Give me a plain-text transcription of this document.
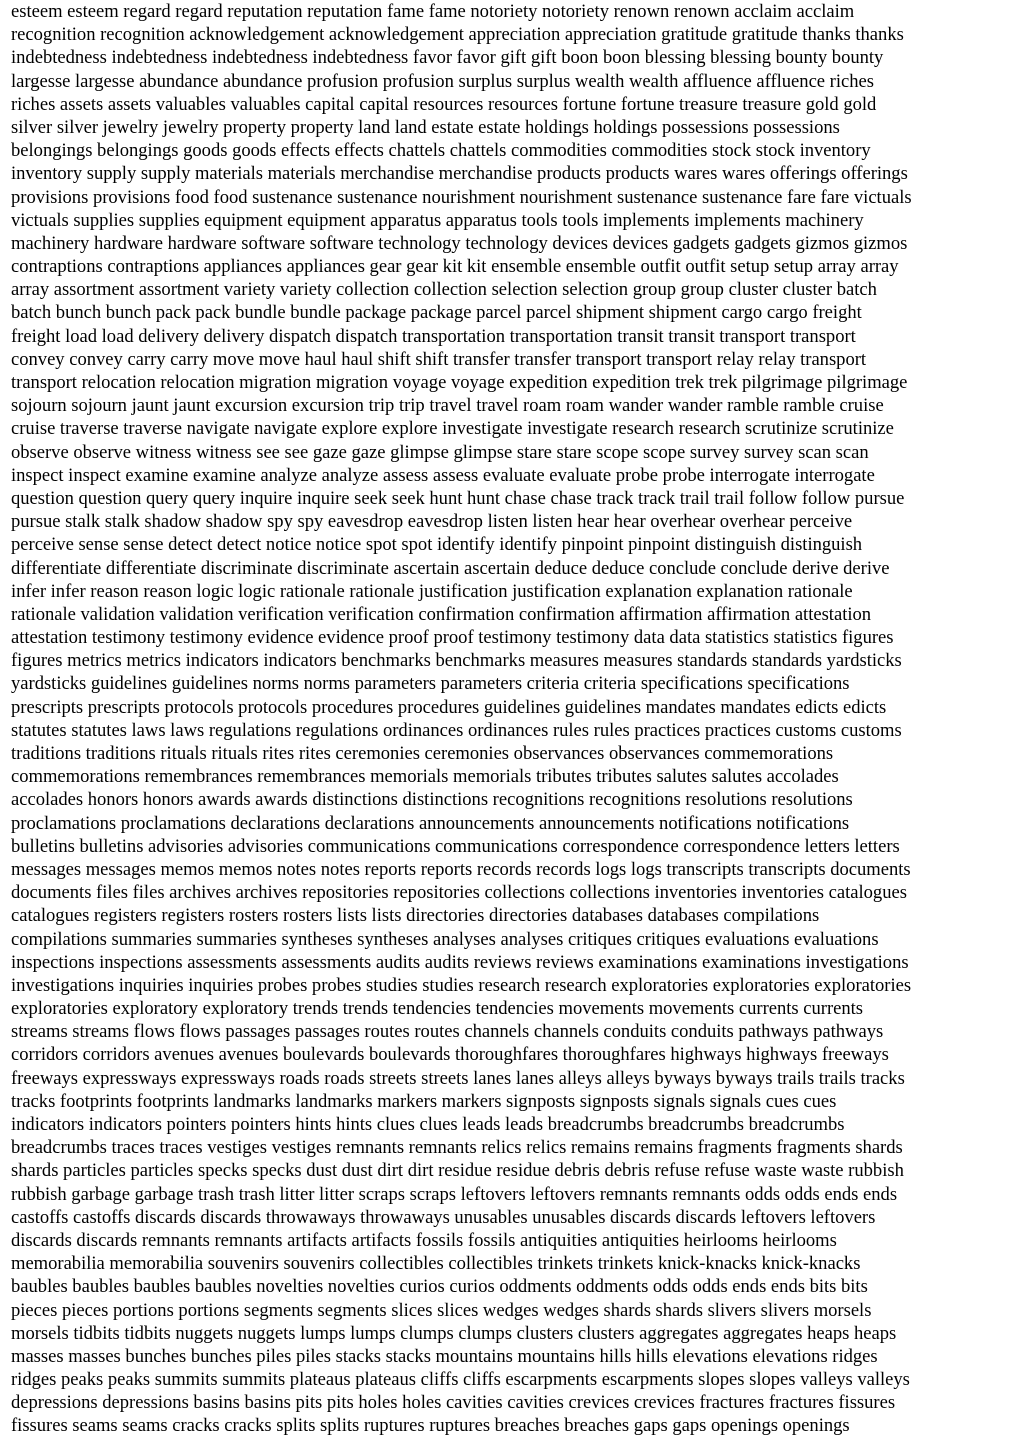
esteem esteem regard regard reputation reputation fame fame notoriety notoriety renown renown acclaim acclaim
recognition recognition acknowledgement acknowledgement appreciation appreciation gratitude gratitude thanks thanks
indebtedness indebtedness indebtedness indebtedness favor favor gift gift boon boon blessing blessing bounty bounty
largesse largesse abundance abundance profusion profusion surplus surplus wealth wealth affluence affluence riches
riches assets assets valuables valuables capital capital resources resources fortune fortune treasure treasure gold gold
silver silver jewelry jewelry property property land land estate estate holdings holdings possessions possessions
belongings belongings goods goods effects effects chattels chattels commodities commodities stock stock inventory
inventory supply supply materials materials merchandise merchandise products products wares wares offerings offerings
provisions provisions food food sustenance sustenance nourishment nourishment sustenance sustenance fare fare victuals
victuals supplies supplies equipment equipment apparatus apparatus tools tools implements implements machinery
machinery hardware hardware software software technology technology devices devices gadgets gadgets gizmos gizmos
contraptions contraptions appliances appliances gear gear kit kit ensemble ensemble outfit outfit setup setup array array
array assortment assortment variety variety collection collection selection selection group group cluster cluster batch
batch bunch bunch pack pack bundle bundle package package parcel parcel shipment shipment cargo cargo freight
freight load load delivery delivery dispatch dispatch transportation transportation transit transit transport transport
convey convey carry carry move move haul haul shift shift transfer transfer transport transport relay relay transport
transport relocation relocation migration migration voyage voyage expedition expedition trek trek pilgrimage pilgrimage
sojourn sojourn jaunt jaunt excursion excursion trip trip travel travel roam roam wander wander ramble ramble cruise
cruise traverse traverse navigate navigate explore explore investigate investigate research research scrutinize scrutinize
observe observe witness witness see see gaze gaze glimpse glimpse stare stare scope scope survey survey scan scan
inspect inspect examine examine analyze analyze assess assess evaluate evaluate probe probe interrogate interrogate
question question query query inquire inquire seek seek hunt hunt chase chase track track trail trail follow follow pursue
pursue stalk stalk shadow shadow spy spy eavesdrop eavesdrop listen listen hear hear overhear overhear perceive
perceive sense sense detect detect notice notice spot spot identify identify pinpoint pinpoint distinguish distinguish
differentiate differentiate discriminate discriminate ascertain ascertain deduce deduce conclude conclude derive derive
infer infer reason reason logic logic rationale rationale justification justification explanation explanation rationale
rationale validation validation verification verification confirmation confirmation affirmation affirmation attestation
attestation testimony testimony evidence evidence proof proof testimony testimony data data statistics statistics figures
figures metrics metrics indicators indicators benchmarks benchmarks measures measures standards standards yardsticks
yardsticks guidelines guidelines norms norms parameters parameters criteria criteria specifications specifications
prescripts prescripts protocols protocols procedures procedures guidelines guidelines mandates mandates edicts edicts
statutes statutes laws laws regulations regulations ordinances ordinances rules rules practices practices customs customs
traditions traditions rituals rituals rites rites ceremonies ceremonies observances observances commemorations
commemorations remembrances remembrances memorials memorials tributes tributes salutes salutes accolades
accolades honors honors awards awards distinctions distinctions recognitions recognitions resolutions resolutions
proclamations proclamations declarations declarations announcements announcements notifications notifications
bulletins bulletins advisories advisories communications communications correspondence correspondence letters letters
messages messages memos memos notes notes reports reports records records logs logs transcripts transcripts documents
documents files files archives archives repositories repositories collections collections inventories inventories catalogues
catalogues registers registers rosters rosters lists lists directories directories databases databases compilations
compilations summaries summaries syntheses syntheses analyses analyses critiques critiques evaluations evaluations
inspections inspections assessments assessments audits audits reviews reviews examinations examinations investigations
investigations inquiries inquiries probes probes studies studies research research exploratories exploratories exploratories
exploratories exploratory exploratory trends trends tendencies tendencies movements movements currents currents
streams streams flows flows passages passages routes routes channels channels conduits conduits pathways pathways
corridors corridors avenues avenues boulevards boulevards thoroughfares thoroughfares highways highways freeways
freeways expressways expressways roads roads streets streets lanes lanes alleys alleys byways byways trails trails tracks
tracks footprints footprints landmarks landmarks markers markers signposts signposts signals signals cues cues
indicators indicators pointers pointers hints hints clues clues leads leads breadcrumbs breadcrumbs breadcrumbs
breadcrumbs traces traces vestiges vestiges remnants remnants relics relics remains remains fragments fragments shards
shards particles particles specks specks dust dust dirt dirt residue residue debris debris refuse refuse waste waste rubbish
rubbish garbage garbage trash trash litter litter scraps scraps leftovers leftovers remnants remnants odds odds ends ends
castoffs castoffs discards discards throwaways throwaways unusables unusables discards discards leftovers leftovers
discards discards remnants remnants artifacts artifacts fossils fossils antiquities antiquities heirlooms heirlooms
memorabilia memorabilia souvenirs souvenirs collectibles collectibles trinkets trinkets knick-knacks knick-knacks
baubles baubles baubles baubles novelties novelties curios curios oddments oddments odds odds ends ends bits bits
pieces pieces portions portions segments segments slices slices wedges wedges shards shards slivers slivers morsels
morsels tidbits tidbits nuggets nuggets lumps lumps clumps clumps clusters clusters aggregates aggregates heaps heaps
masses masses bunches bunches piles piles stacks stacks mountains mountains hills hills elevations elevations ridges
ridges peaks peaks summits summits plateaus plateaus cliffs cliffs escarpments escarpments slopes slopes valleys valleys
depressions depressions basins basins pits pits holes holes cavities cavities crevices crevices fractures fractures fissures
fissures seams seams cracks cracks splits splits ruptures ruptures breaches breaches gaps gaps openings openings
